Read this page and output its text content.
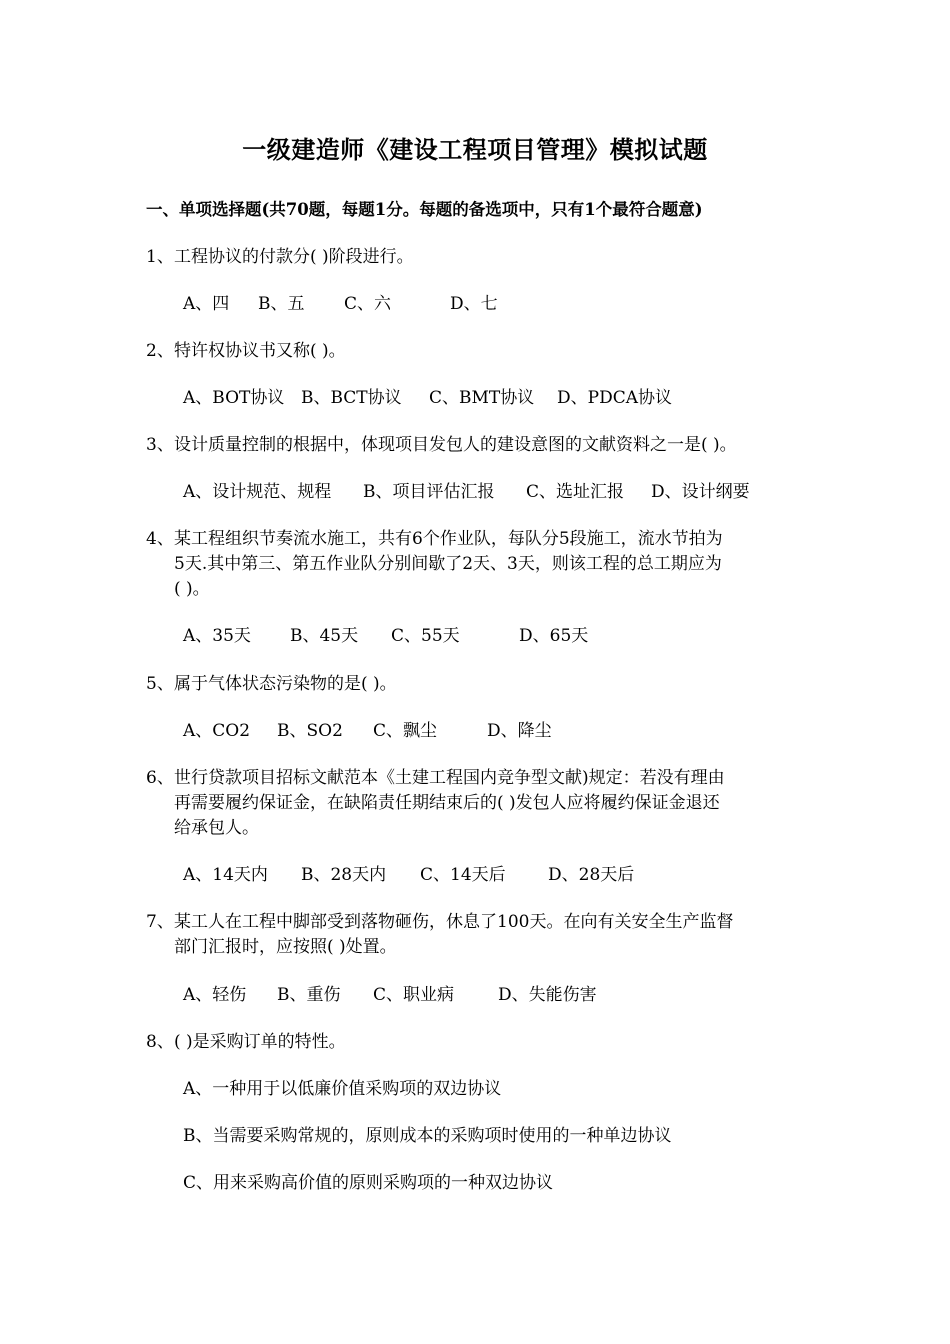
一级建造师《建设工程项目管理》模拟试题
一、单项选择题(共70题，每题1分。每题的备选项中，只有1个最符合题意)
1、工程协议的付款分( )阶段进行。
A、四 B、五 C、六	D、七
2、特许权协议书又称( )。
A、BOT协议 B、BCT协议 C、BMT协议 D、PDCA协议
3、设计质量控制的根据中，体现项目发包人的建设意图的文献资料之一是( )。
A、设计规范、规程 B、项目评估汇报 C、选址汇报 D、设计纲要
4、某工程组织节奏流水施工，共有6个作业队，每队分5段施工，流水节拍为
5天.其中第三、第五作业队分别间歇了2天、3天，则该工程的总工期应为
( )。
A、35天 B、45天 C、55天	D、65天
5、属于气体状态污染物的是( )。
A、CO2 B、SO2 C、飘尘	D、降尘
6、世行贷款项目招标文献范本《土建工程国内竞争型文献)规定：若没有理由
再需要履约保证金，在缺陷责任期结束后的( )发包人应将履约保证金退还
给承包人。
A、14天内 B、28天内 C、14天后 D、28天后
7、某工人在工程中脚部受到落物砸伤，休息了100天。在向有关安全生产监督
部门汇报时，应按照( )处置。
A、轻伤 B、重伤 C、职业病	D、失能伤害
8、( )是采购订单的特性。
A、一种用于以低廉价值采购项的双边协议
B、当需要采购常规的，原则成本的采购项时使用的一种单边协议
C、用来采购高价值的原则采购项的一种双边协议
